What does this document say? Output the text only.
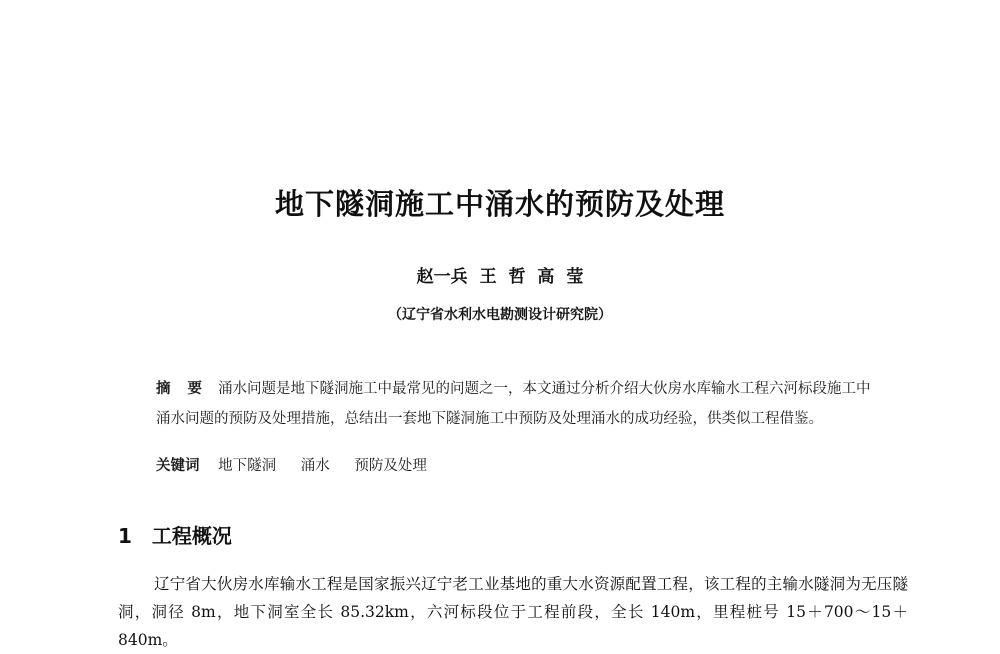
地下隧洞施工中涌水的预防及处理
赵一兵 王 哲 高 莹
（辽宁省水利水电勘测设计研究院）
摘 要 涌水问题是地下隧洞施工中最常见的问题之一，本文通过分析介绍大伙房水库输水工程六河标段施工中涌水问题的预防及处理措施，总结出一套地下隧洞施工中预防及处理涌水的成功经验，供类似工程借鉴。
关键词 地下隧洞 涌水 预防及处理
1 工程概况
辽宁省大伙房水库输水工程是国家振兴辽宁老工业基地的重大水资源配置工程，该工程的主输水隧洞为无压隧洞，洞径 8m，地下洞室全长 85.32km，六河标段位于工程前段，全长 140m，里程桩号 15＋700～15＋840m。
